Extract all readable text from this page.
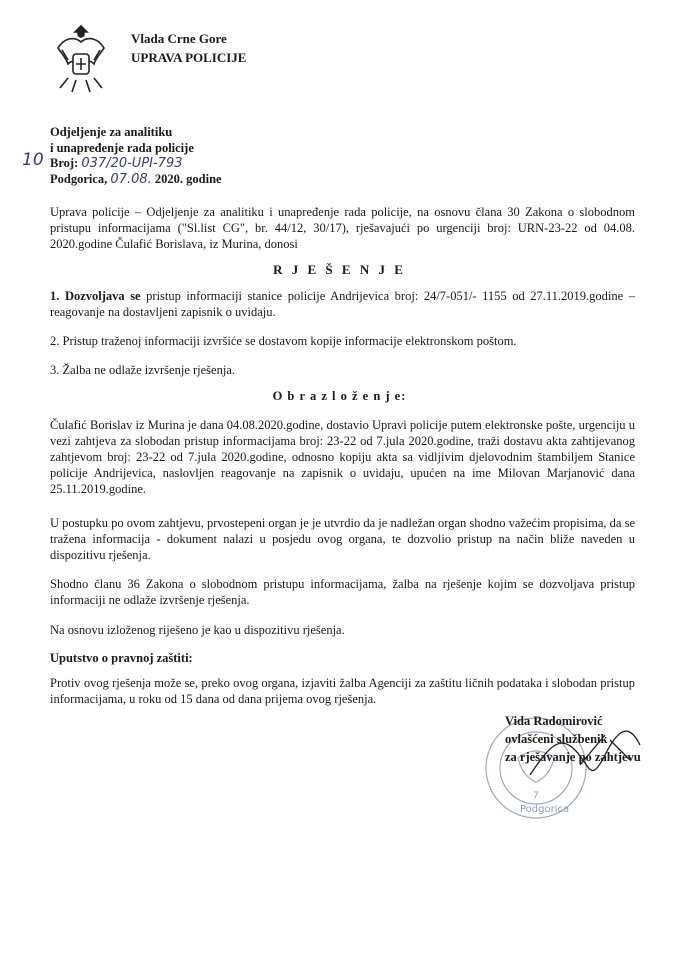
Vlada Crne Gore
UPRAVA POLICIJE
10
Odjeljenje za analitiku
i unapređenje rada policije
Broj: 037/20-UPI-793
Podgorica, 07.08. 2020. godine
Uprava policije – Odjeljenje za analitiku i unapređenje rada policije, na osnovu člana 30 Zakona o slobodnom pristupu informacijama ("Sl.list CG", br. 44/12, 30/17), rješavajući po urgenciji broj: URN-23-22 od 04.08. 2020.godine Čulafić Borislava, iz Murina, donosi
R J E Š E N J E
1. Dozvoljava se pristup informaciji stanice policije Andrijevica broj: 24/7-051/- 1155 od 27.11.2019.godine – reagovanje na dostavljeni zapisnik o uvidaju.
2. Pristup traženoj informaciji izvršiće se dostavom kopije informacije elektronskom poštom.
3. Žalba ne odlaže izvršenje rješenja.
O b r a z l o ž e n j e:
Čulafić Borislav iz Murina je dana 04.08.2020.godine, dostavio Upravi policije putem elektronske pošte, urgenciju u vezi zahtjeva za slobodan pristup informacijama broj: 23-22 od 7.jula 2020.godine, traži dostavu akta zahtijevanog zahtjevom broj: 23-22 od 7.jula 2020.godine, odnosno kopiju akta sa vidljivim djelovodnim štambiljem Stanice policije Andrijevica, naslovljen reagovanje na zapisnik o uvidaju, upućen na ime Milovan Marjanović dana 25.11.2019.godine.
U postupku po ovom zahtjevu, prvostepeni organ je je utvrdio da je nadležan organ shodno važećim propisima, da se tražena informacija - dokument nalazi u posjedu ovog organa, te dozvolio pristup na način bliže naveden u dispozitivu rješenja.
Shodno članu 36 Zakona o slobodnom pristupu informacijama, žalba na rješenje kojim se dozvoljava pristup informaciji ne odlaže izvršenje rješenja.
Na osnovu izloženog riješeno je kao u dispozitivu rješenja.
Uputstvo o pravnoj zaštiti:
Protiv ovog rješenja može se, preko ovog organa, izjaviti žalba Agenciji za zaštitu ličnih podataka i slobodan pristup informacijama, u roku od 15 dana od dana prijema ovog rješenja.
Podgorica
7
Vida Radomirović
ovlašćeni službenik
za rješavanje po zahtjevu
